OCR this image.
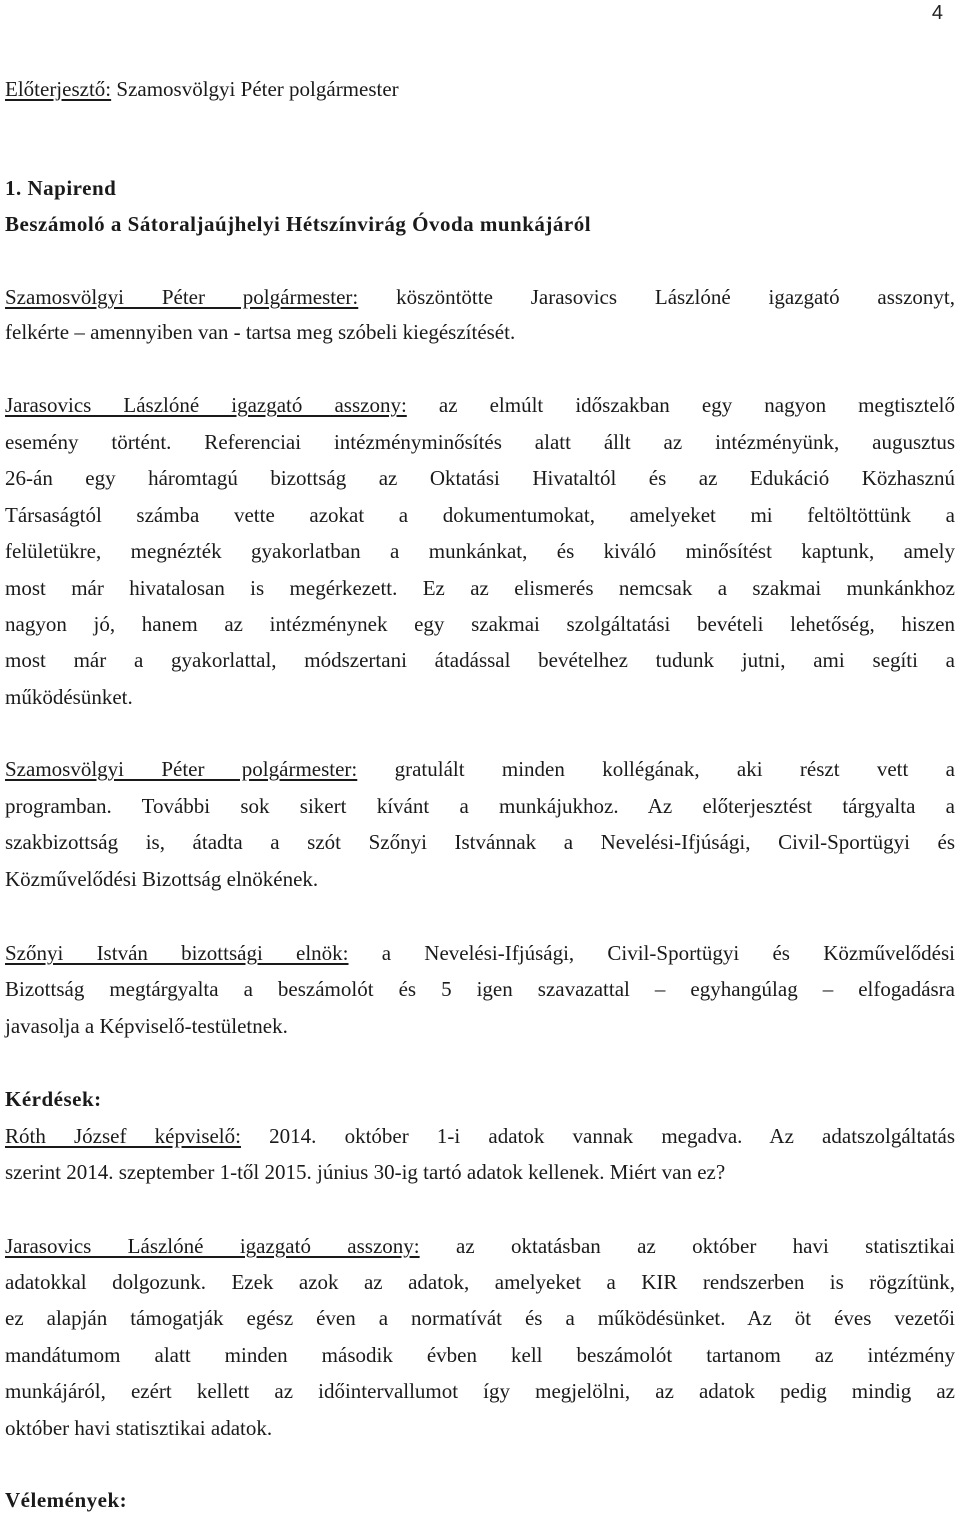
4
Előterjesztő: Szamosvölgyi Péter polgármester
1. Napirend
Beszámoló a Sátoraljaújhelyi Hétszínvirág Óvoda munkájáról
Szamosvölgyi Péter polgármester: köszöntötte Jarasovics Lászlóné igazgató asszonyt,
felkérte – amennyiben van - tartsa meg szóbeli kiegészítését.
Jarasovics Lászlóné igazgató asszony: az elmúlt időszakban egy nagyon megtisztelő
esemény történt. Referenciai intézményminősítés alatt állt az intézményünk, augusztus
26-án egy háromtagú bizottság az Oktatási Hivataltól és az Edukáció Közhasznú
Társaságtól számba vette azokat a dokumentumokat, amelyeket mi feltöltöttünk a
felületükre, megnézték gyakorlatban a munkánkat, és kiváló minősítést kaptunk, amely
most már hivatalosan is megérkezett. Ez az elismerés nemcsak a szakmai munkánkhoz
nagyon jó, hanem az intézménynek egy szakmai szolgáltatási bevételi lehetőség, hiszen
most már a gyakorlattal, módszertani átadással bevételhez tudunk jutni, ami segíti a
működésünket.
Szamosvölgyi Péter polgármester: gratulált minden kollégának, aki részt vett a
programban. További sok sikert kívánt a munkájukhoz. Az előterjesztést tárgyalta a
szakbizottság is, átadta a szót Szőnyi Istvánnak a Nevelési-Ifjúsági, Civil-Sportügyi és
Közművelődési Bizottság elnökének.
Szőnyi István bizottsági elnök: a Nevelési-Ifjúsági, Civil-Sportügyi és Közművelődési
Bizottság megtárgyalta a beszámolót és 5 igen szavazattal – egyhangúlag – elfogadásra
javasolja a Képviselő-testületnek.
Kérdések:
Róth József képviselő: 2014. október 1-i adatok vannak megadva. Az adatszolgáltatás
szerint 2014. szeptember 1-től 2015. június 30-ig tartó adatok kellenek. Miért van ez?
Jarasovics Lászlóné igazgató asszony: az oktatásban az október havi statisztikai
adatokkal dolgozunk. Ezek azok az adatok, amelyeket a KIR rendszerben is rögzítünk,
ez alapján támogatják egész éven a normatívát és a működésünket. Az öt éves vezetői
mandátumom alatt minden második évben kell beszámolót tartanom az intézmény
munkájáról, ezért kellett az időintervallumot így megjelölni, az adatok pedig mindig az
október havi statisztikai adatok.
Vélemények:
